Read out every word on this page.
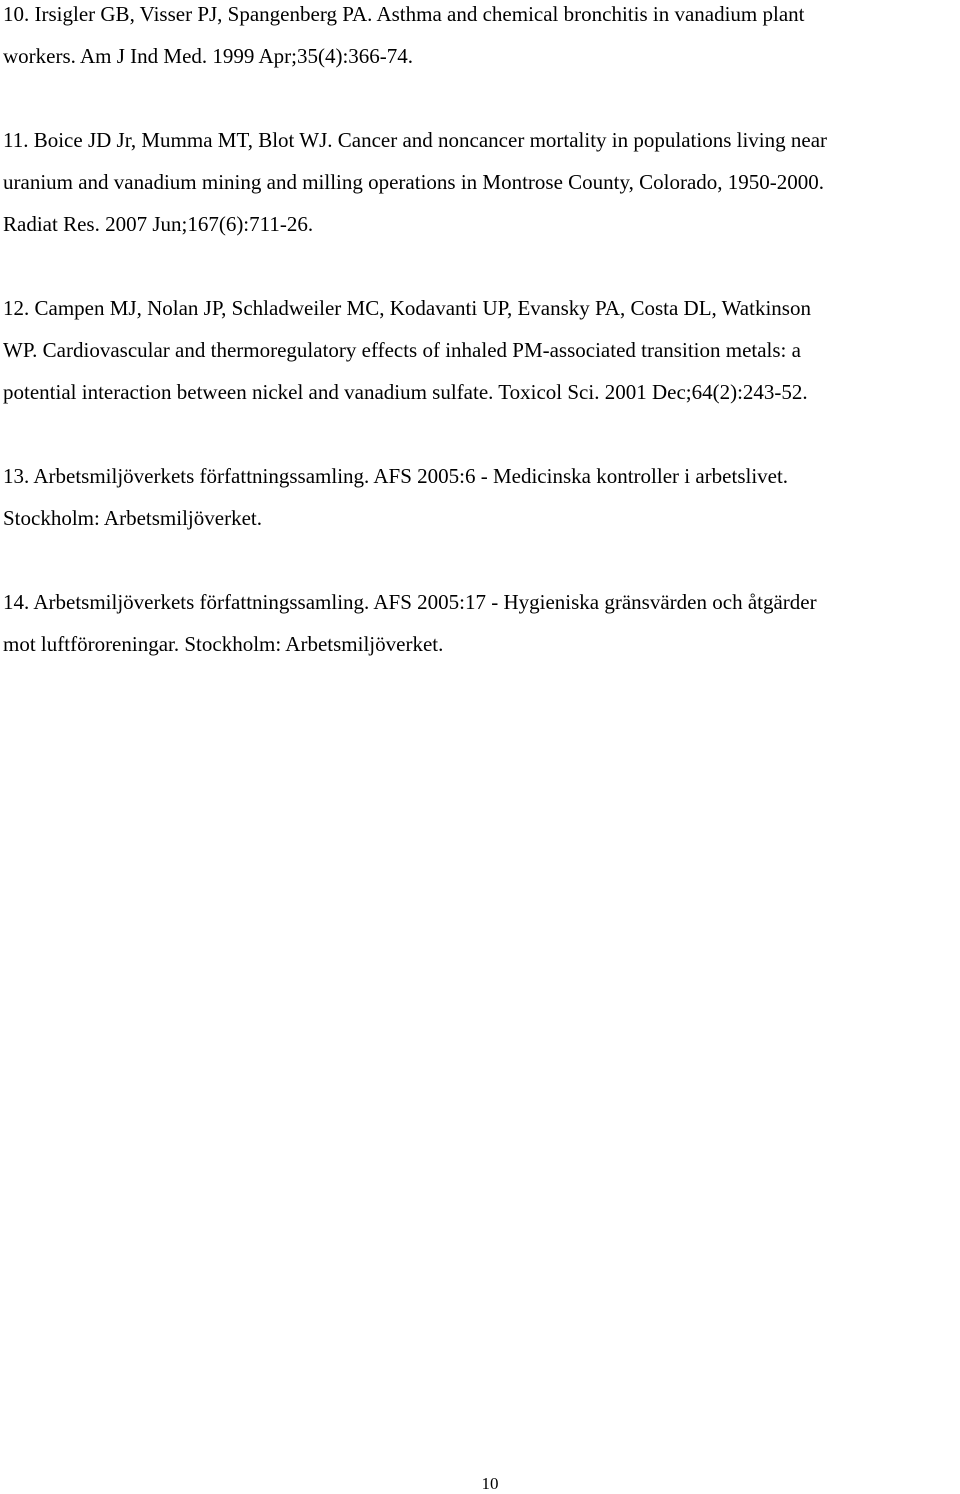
10. Irsigler GB, Visser PJ, Spangenberg PA. Asthma and chemical bronchitis in vanadium plant
workers. Am J Ind Med. 1999 Apr;35(4):366-74.
11. Boice JD Jr, Mumma MT, Blot WJ. Cancer and noncancer mortality in populations living near
uranium and vanadium mining and milling operations in Montrose County, Colorado, 1950-2000.
Radiat Res. 2007 Jun;167(6):711-26.
12. Campen MJ, Nolan JP, Schladweiler MC, Kodavanti UP, Evansky PA, Costa DL, Watkinson
WP. Cardiovascular and thermoregulatory effects of inhaled PM-associated transition metals: a
potential interaction between nickel and vanadium sulfate. Toxicol Sci. 2001 Dec;64(2):243-52.
13. Arbetsmiljöverkets författningssamling. AFS 2005:6 - Medicinska kontroller i arbetslivet.
Stockholm: Arbetsmiljöverket.
14. Arbetsmiljöverkets författningssamling. AFS 2005:17 - Hygieniska gränsvärden och åtgärder
mot luftföroreningar. Stockholm: Arbetsmiljöverket.
10
